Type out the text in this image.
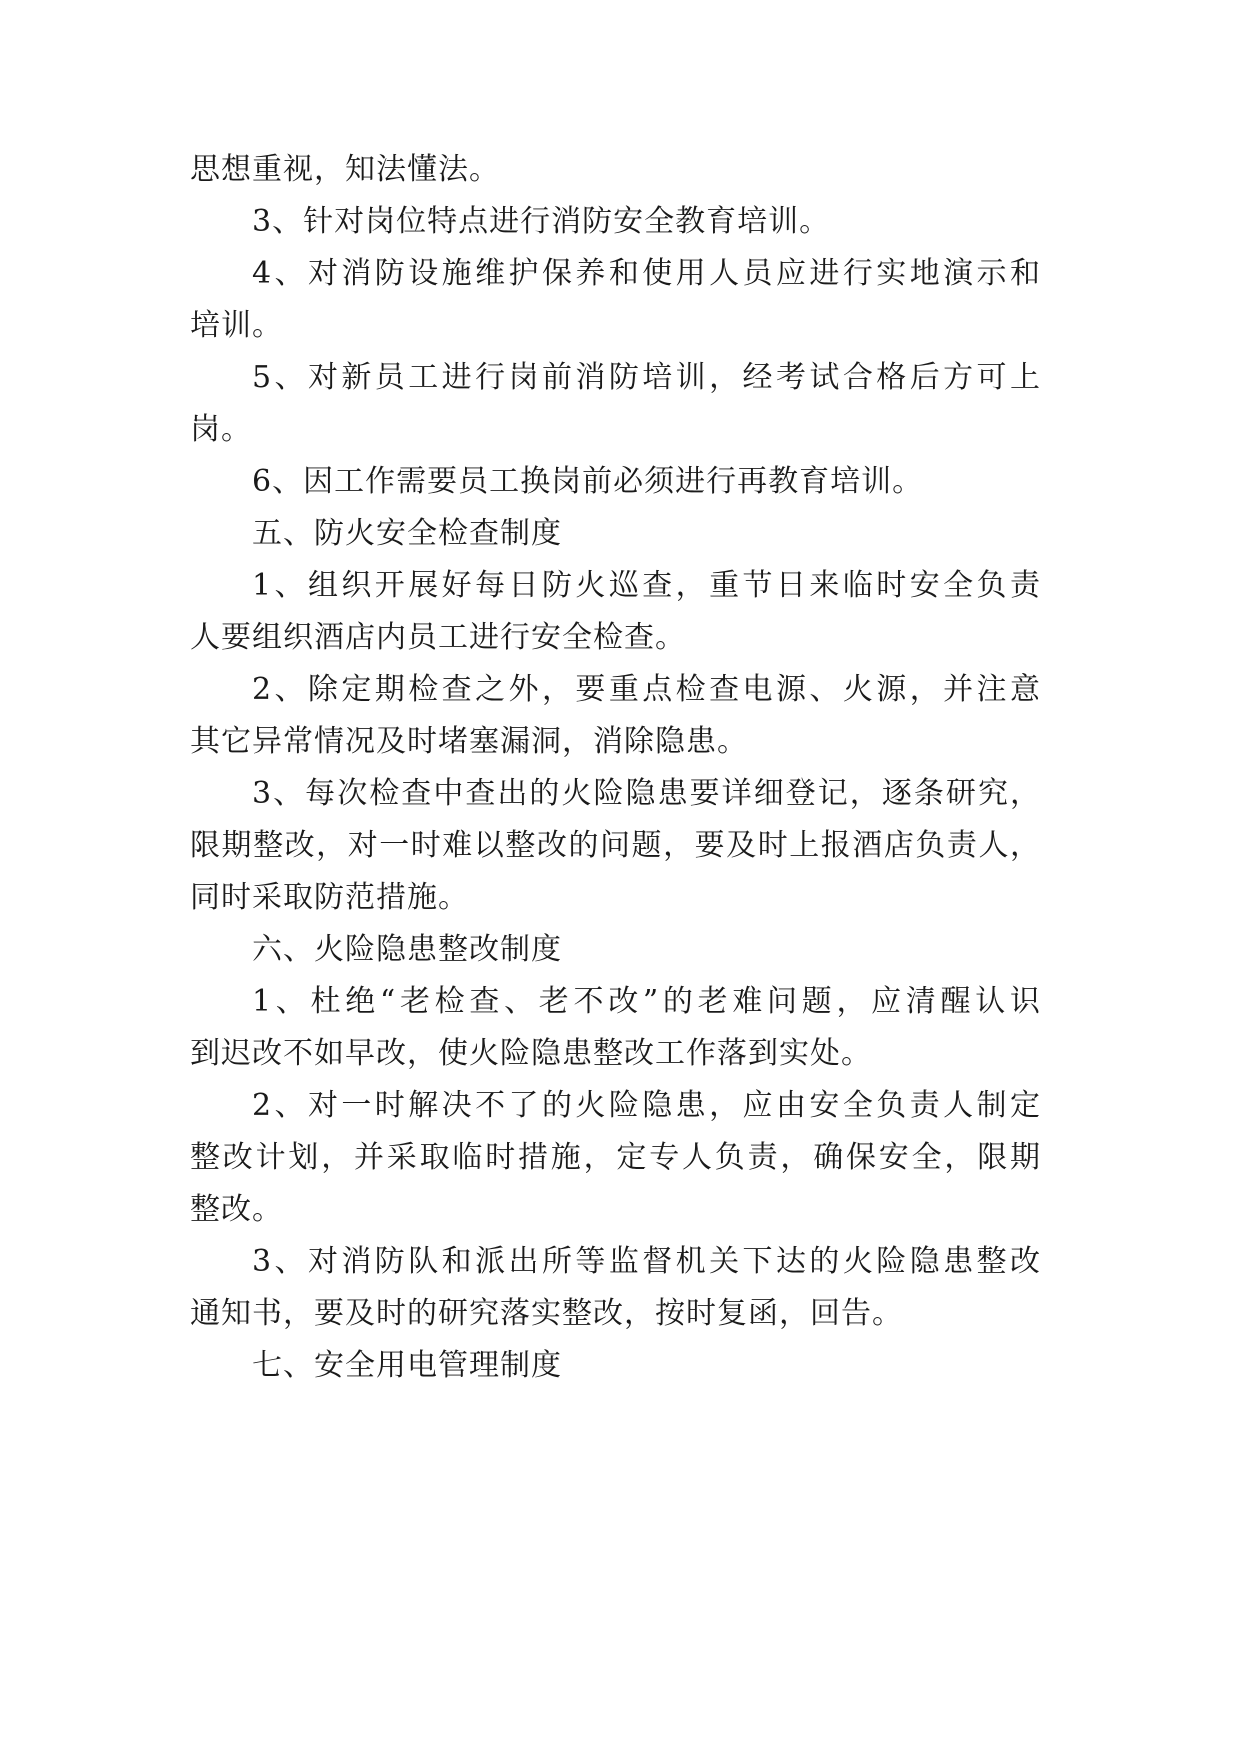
思想重视，知法懂法。
3、针对岗位特点进行消防安全教育培训。
4、对消防设施维护保养和使用人员应进行实地演示和
培训。
5、对新员工进行岗前消防培训，经考试合格后方可上
岗。
6、因工作需要员工换岗前必须进行再教育培训。
五、防火安全检查制度
1、组织开展好每日防火巡查，重节日来临时安全负责
人要组织酒店内员工进行安全检查。
2、除定期检查之外，要重点检查电源、火源，并注意
其它异常情况及时堵塞漏洞，消除隐患。
3、每次检查中查出的火险隐患要详细登记，逐条研究，
限期整改，对一时难以整改的问题，要及时上报酒店负责人，
同时采取防范措施。
六、火险隐患整改制度
1、杜绝“老检查、老不改”的老难问题，应清醒认识
到迟改不如早改，使火险隐患整改工作落到实处。
2、对一时解决不了的火险隐患，应由安全负责人制定
整改计划，并采取临时措施，定专人负责，确保安全，限期
整改。
3、对消防队和派出所等监督机关下达的火险隐患整改
通知书，要及时的研究落实整改，按时复函，回告。
七、安全用电管理制度
